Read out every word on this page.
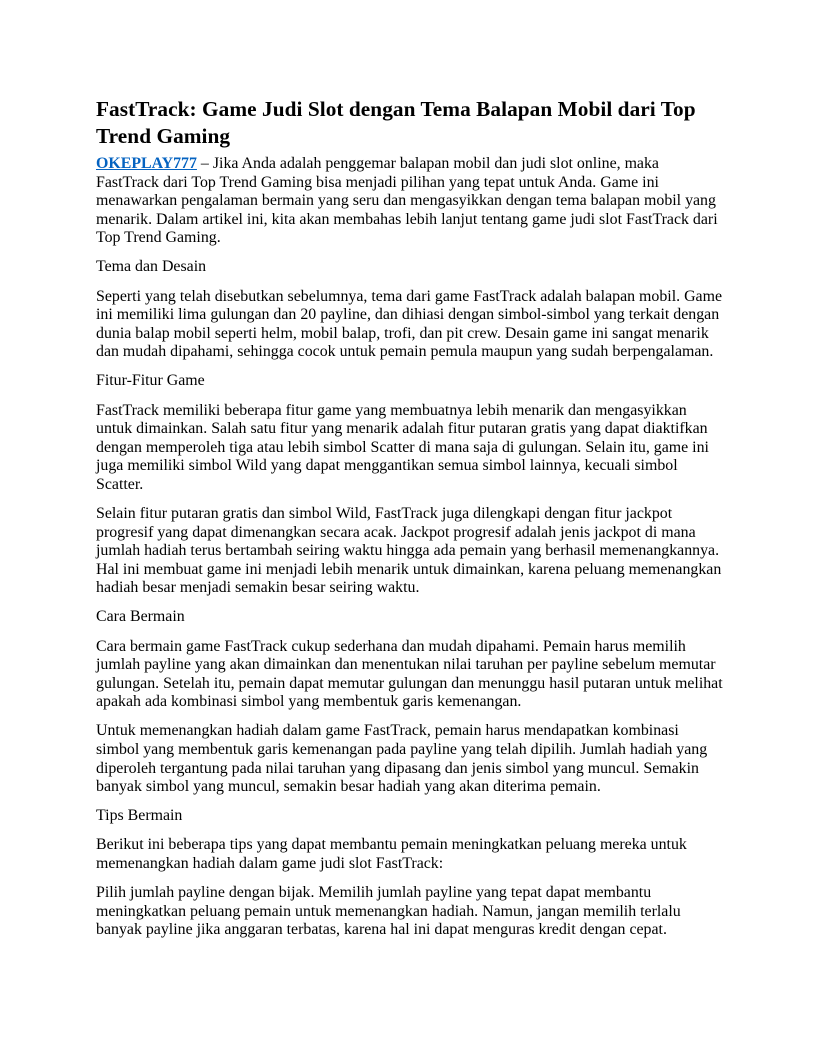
FastTrack: Game Judi Slot dengan Tema Balapan Mobil dari Top Trend Gaming

OKEPLAY777 – Jika Anda adalah penggemar balapan mobil dan judi slot online, maka FastTrack dari Top Trend Gaming bisa menjadi pilihan yang tepat untuk Anda. Game ini menawarkan pengalaman bermain yang seru dan mengasyikkan dengan tema balapan mobil yang menarik. Dalam artikel ini, kita akan membahas lebih lanjut tentang game judi slot FastTrack dari Top Trend Gaming.

Tema dan Desain

Seperti yang telah disebutkan sebelumnya, tema dari game FastTrack adalah balapan mobil. Game ini memiliki lima gulungan dan 20 payline, dan dihiasi dengan simbol-simbol yang terkait dengan dunia balap mobil seperti helm, mobil balap, trofi, dan pit crew. Desain game ini sangat menarik dan mudah dipahami, sehingga cocok untuk pemain pemula maupun yang sudah berpengalaman.

Fitur-Fitur Game

FastTrack memiliki beberapa fitur game yang membuatnya lebih menarik dan mengasyikkan untuk dimainkan. Salah satu fitur yang menarik adalah fitur putaran gratis yang dapat diaktifkan dengan memperoleh tiga atau lebih simbol Scatter di mana saja di gulungan. Selain itu, game ini juga memiliki simbol Wild yang dapat menggantikan semua simbol lainnya, kecuali simbol Scatter.

Selain fitur putaran gratis dan simbol Wild, FastTrack juga dilengkapi dengan fitur jackpot progresif yang dapat dimenangkan secara acak. Jackpot progresif adalah jenis jackpot di mana jumlah hadiah terus bertambah seiring waktu hingga ada pemain yang berhasil memenangkannya. Hal ini membuat game ini menjadi lebih menarik untuk dimainkan, karena peluang memenangkan hadiah besar menjadi semakin besar seiring waktu.

Cara Bermain

Cara bermain game FastTrack cukup sederhana dan mudah dipahami. Pemain harus memilih jumlah payline yang akan dimainkan dan menentukan nilai taruhan per payline sebelum memutar gulungan. Setelah itu, pemain dapat memutar gulungan dan menunggu hasil putaran untuk melihat apakah ada kombinasi simbol yang membentuk garis kemenangan.

Untuk memenangkan hadiah dalam game FastTrack, pemain harus mendapatkan kombinasi simbol yang membentuk garis kemenangan pada payline yang telah dipilih. Jumlah hadiah yang diperoleh tergantung pada nilai taruhan yang dipasang dan jenis simbol yang muncul. Semakin banyak simbol yang muncul, semakin besar hadiah yang akan diterima pemain.

Tips Bermain

Berikut ini beberapa tips yang dapat membantu pemain meningkatkan peluang mereka untuk memenangkan hadiah dalam game judi slot FastTrack:

Pilih jumlah payline dengan bijak. Memilih jumlah payline yang tepat dapat membantu meningkatkan peluang pemain untuk memenangkan hadiah. Namun, jangan memilih terlalu banyak payline jika anggaran terbatas, karena hal ini dapat menguras kredit dengan cepat.
